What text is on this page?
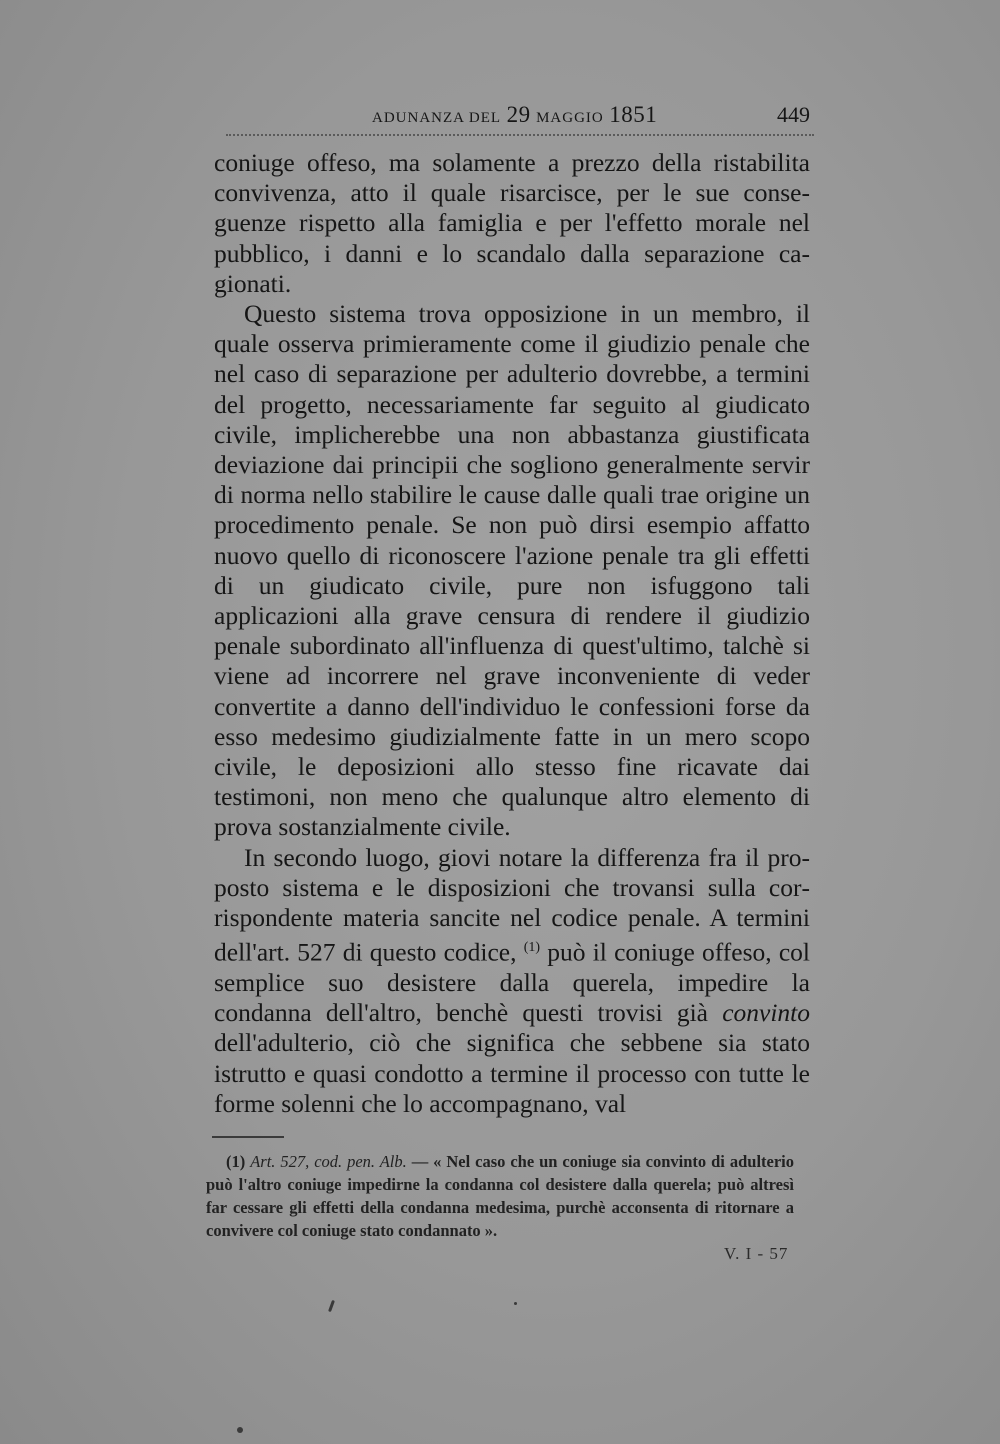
ADUNANZA DEL 29 MAGGIO 1851	449

coniuge offeso, ma solamente a prezzo della ristabilita convivenza, atto il quale risarcisce, per le sue conseguenze rispetto alla famiglia e per l'effetto morale nel pubblico, i danni e lo scandalo dalla separazione cagionati.

Questo sistema trova opposizione in un membro, il quale osserva primieramente come il giudizio penale che nel caso di separazione per adulterio dovrebbe, a termini del progetto, necessariamente far seguito al giudicato civile, implicherebbe una non abbastanza giustificata deviazione dai principii che sogliono generalmente servir di norma nello stabilire le cause dalle quali trae origine un procedimento penale. Se non può dirsi esempio affatto nuovo quello di riconoscere l'azione penale tra gli effetti di un giudicato civile, pure non isfuggono tali applicazioni alla grave censura di rendere il giudizio penale subordinato all'influenza di quest'ultimo, talchè si viene ad incorrere nel grave inconveniente di veder convertite a danno dell'individuo le confessioni forse da esso medesimo giudizialmente fatte in un mero scopo civile, le deposizioni allo stesso fine ricavate dai testimoni, non meno che qualunque altro elemento di prova sostanzialmente civile.

In secondo luogo, giovi notare la differenza fra il proposto sistema e le disposizioni che trovansi sulla corrispondente materia sancite nel codice penale. A termini dell'art. 527 di questo codice, $^{(1)}$ può il coniuge offeso, col semplice suo desistere dalla querela, impedire la condanna dell'altro, benchè questi trovisi già convinto dell'adulterio, ciò che significa che sebbene sia stato istrutto e quasi condotto a termine il processo con tutte le forme solenni che lo accompagnano, val

(1) Art. 527, cod. pen. Alb. — « Nel caso che un coniuge sia convinto di adulterio può l'altro coniuge impedirne la condanna col desistere dalla querela; può altresì far cessare gli effetti della condanna medesima, purchè acconsenta di ritornare a convivere col coniuge stato condannato ».

V. I - 57
